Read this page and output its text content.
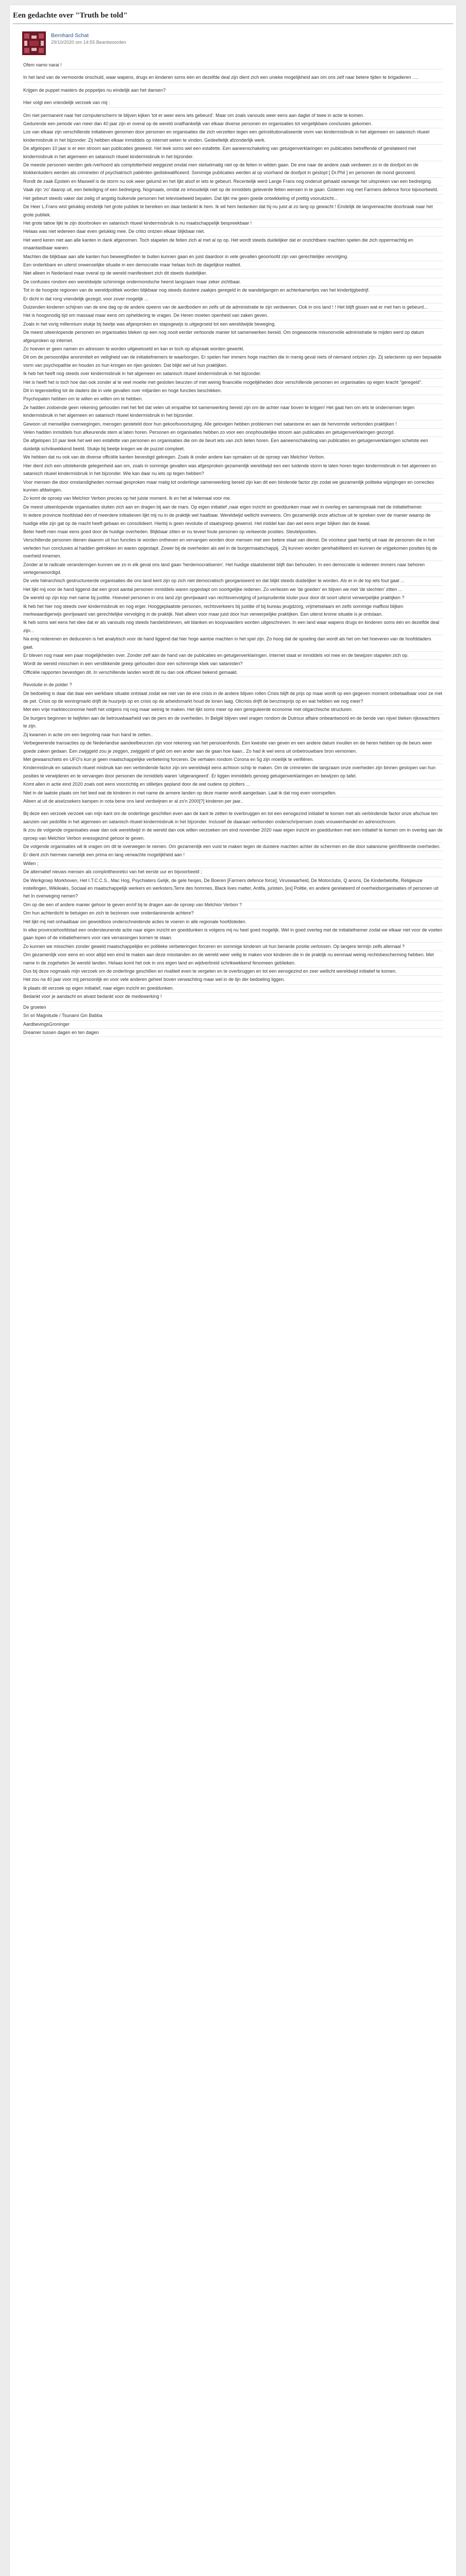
Een gedachte over "Truth be told"
Bernhard Schat
29/10/2020 om 14:55 Beantwoorden

Ofem namo narai !

In het land van de vermoorde onschuld, waar wapens, drugs en kinderen soms één en dezelfde deal zijn dient zich een unieke mogelijkheid aan om ons zelf naar betere tijden te brigadieren ….

Krijgen de puppet masters de poppetjes nu eindelijk aan het dansen?

Hier volgt een vriendelijk verzoek van mij :

Om niet permanent naar het computerscherm te blijven kijken 'tot er weer eens iets gebeurd'. Maar om zoals vanouds weer eens aan daglei of twee in actie te komen.

Gedurende een periode van meer dan 40 jaar zijn er overal op de wereld onafhankelijk van elkaar diverse personen en organisaties tot vergelijkbare conclusies gekomen.

Los van elkaar zijn verschillende initiatieven genomen door personen en organisaties die zich verzetten tegen een geïnstitutionaliseerde vorm van kindermisbruik in het algemeen en satanisch ritueel kindermisbruik in het bijzonder. Zij hebben elkaar inmiddels op internet weten te vinden. Gedeeltelijk afzonderlijk werk.

De afgelopen 10 jaar is er een stroom aan publicaties geweest. Het leek soms wel een estafette. Een aaneenschakeling van getuigenverklaringen en publicaties betreffende of gerelateerd met kindermisbruik in het algemeen en satanisch ritueel kindermisbruik in het bijzonder.

De meeste personen werden gek-/verhoord als complotterheid weggezet omdat men stelselmatig niet op de feiten in wilden gaan. De ene naar de andere zaak verdween zo in de doofpot en de klokkenluiders werden als criminelen of psychiatrisch patiënten gediskwalificeerd. Sommige publicaties werden al op voorhand de doofpot in gestopt [ Dr.Phil ] en personen de mond gesnoerd.

Rondt de zaak Epstein en Maxwell is de storm nu ook weer gelumd en het lijkt alsof er iets te gebeurt. Recentelijk werd Lange Frans nog onderuit gehaald vanwege het uitspreken van een bedreiging.

Vaak zijn 'zo' daarop uit, een beledigng of een bedreiging. Nogmaals, omdat ze inhoudelijk niet op de inmiddels geleverde feiten wensen in te gaan. Gisteren nog met Farmers defence force bijvoorbeeld.

Het gebeurt steeds vaker dat zielig of angstig bulkende personen het televisiebeeld bepalen. Dat lijkt me geen goede ontwikkeling of prettig vooruitzicht...

De Heer L.Frans wist gelukkig eindelijk het grote publiek te bereiken en daar bedankt ik hem. Ik wil hem bedanken dat hij nu juist al zo lang op gewacht ! Eindelijk de langverwachte doorbraak naar het grote publiek.

Het grote taboe lijkt te zijn doorbroken en satanisch ritueel kindermisbruik is nu maatschappelijk bespreekbaar !

Helaas was niet iedereen daar even gelukkig mee. De critici ontzien elkaar blijkbaar niet.

Het werd keren niet aan alle kanten in dank afgenomen. Toch stapelen de feiten zich al met al op op. Het wordt steeds duidelijker dat er onzichtbare machten spelen die zich oppermachtig en onaantastbaar wanen.

Machten die blijkbaar aan alle kanten hun beweegtheden te buiten kunnen gaan en juist daardoor in vele gevallen geoorloofd zijn van gerechtelijke vervolging.

Een onderkbare en uiterst onwenselijke situatie in een democratie maar helaas toch de dagelijkse realiteit.

Niet alleen in Nederland maar overal op de wereld manifesteert zich dit steeds duidelijker.

De confusies rondom een wereldwijde schimmige ondermondsche heerst langzaam maar zeker zichtbaar.

Tot in de hoogste regionen van de wereldpolitiek worden blijkbaar nog steeds duistere zaakjes geregeld in de wandelgangen en achterkamertjes van het kindertijgbedrijf.

Er dicht in dat rong vriendelijk gezegd, voor zover mogelijk ...

Duizenden kinderen schijnen van de ene dag op de andere opeens van de aardbodem en zelfs uit de administratie te zijn verdwenen. Ook in ons land ! ! Het blijft gissen wat er met hen is gebeurd...

Het is hoogsnodig tijd om massaal maar eens om opheldering te vragen. De Heren moeten openheid van zaken geven.

Zoals in het vorig millennium stukje bij beetje was afgesproken en stapsgewijs is uitgegroeid tot een wereldwijde beweging.

De meest uiteenlopende personen en organisaties bleken op een nog nooit eerder vertoonde manier tot samenwerken bereid. Om ongewoonte misvoorvolle administratie te mijden werd op datum afgesproken op internet.

Zo hoeven er geen namen en adressen te worden uitgewisseld en kan er toch op afspraak worden gewerkt.

Dit om de persoonlijke anonimiteit en veiligheid van de initiatiefnemers te waarborgen. Er spelen hier immers hoge machten die in menig geval niets of niemand ontzien zijn. Zij selecteren op een bepaalde vorm van psychopathie en houden zo hun kringen en rijen gesloten. Dat blijkt wel uit hun praktijken.

Ik heb het heeft nog steeds over kindermisbruik in het algemeen en satanisch ritueel kindermisbruik in het bijzonder.

Het is heeft het is toch hoe dan ook zonder al te veel moeite met gesloten beurzen of met weinig financiële mogelijkheden door verschillende personen en organisaties op eigen kracht "geregeld".

Dit in tegenstelling tot de daders die in vele gevallen over miljarden en hoge functies beschikken.

Psychopaten hebben om te willen en willen om te hebben.

Ze hadden zodoende geen rekening gehouden met het feit dat velen uit empathie tot samenwerking bereid zijn om de achter naar boven te krijgen! Het gaat hen om iets te ondernemen tegen kindermisbruik in het algemeen en satanisch ritueel kindermisbruik in het bijzonder.

Gewoon uit menselijke overwegingen, mensgen gesteteld door hun gekoofsvoortuiging. Alle gelovigen hebben problemen met satanisme en aan de hervormde verbonden praktijken !

Velen hadden inmiddels hun afkeurende stem al laten horen. Personen en organisaties hebben zo voor een onophoudelijke stroom aan publicaties en getuigenverklaringen gezorgd.

De afgelopen 10 jaar leek het wel een estafette van personen en organisaties die om de beurt iets van zich lieten horen. Een aaneenschakeling van publicaties en getuigenverklaringen schetste een duidelijk schrikwekkend beeld. Stukje bij beetje kregen we de puzzel compleet.

We hebben dat nu ook van de diverse officiële kanten bevestigd gekregen. Zoals ik onder andere kan opmaken uit de oproep van Melchior Verbon.

Hier dient zich een uitstekende gelegenheid aan om, zoals in sommige gevallen was afgesproken gezamenlijk wereldwijd een een luidende storm te laten horen tegen kindermisbruik in het algemeen en satanisch ritueel kindermisbruik in het bijzonder. Wie kan daar nu iets op tegen hebben?

Voor mensen die door omstandigheden normaal gesproken maar matig tot onderlinge samenwerking bereid zijn kan dit een bindende factor zijn zodat we gezamenlijk politieke wijzigingen en correcties kunnen afdwingen.

Zo komt de oproep van Melchior Verbon precies op het juiste moment. Ik en het al helemaal voor me.

De meest uiteenlopende organisaties sluiten zich aan en dragen bij aan de mars. Op eigen initiatief ,naar eigen inzicht en goeddunken maar wel in overleg en samenspraak met de initiatiefnemer.

In iedere provincie hoofdstad één of meerdere initiatieven lijkt mij nu in de praktijk wel haalbaar. Wereldwijd wellicht eveneens. Om gezamenlijk onze afschuw uit te spreken over de manier waarop de huidige elite zijn gat op de macht heeft gebaan en consolideert. Hierbij is geen revolutie of staatsgreep gewenst. Het middel kan dan wel eens erger blijken dan de kwaal.

Beter heeft men maar eens goed door de huidige overheden. Blijkbaar zitten er nu teveel foute personen op verkeerde posities. Sleutelposities.

Verschillende personen dienen daarom uit hun functies te worden ontheven en vervangen worden door mensen met een betere staat van dienst. De voorkeur gaat hierbij uit naar de personen die in het verleden hun conclusies al hadden getrokken en waren opgestapt. Zower bij de overheden als wel in de burgermaatschappij. ;Zij kunnen worden gerehabiliteerd en kunnen de vrijgekomen posities bij de overheid innemen.

Zonder al te radicale veranderingen kunnen we zo in elk geval ons land gaan 'herdemocratiseren'. Het huidige staatsbestel blijft dan behouden. In een democratie is iedereen immers naar behoren vertegenwoordigd.

De vele hiërarchisch gestructureerde organisaties die ons land kent zijn op zich niet democratisch georganiseerd en dat blijkt steeds duidelijker te worden. Als er in de top iets fout gaat ...

Het lijkt mij voor de hand liggend dat een groot aantal personen inmiddels waren opgestapt om soortgelijke redenen. Zo verliezen we 'de goeden' en blijven we met 'de slechten' zitten ...

De wereld op zijn kop met name bij justitie. Hoeveel personen in ons land zijn gevrijwaard van rechtsvervolging of jurisprudentie louter puur door dit soort uiterst verwerpelijke praktijken ?

Ik heb het hier nog steeds over kindermisbruik en nog erger. Hooggeplaatste personen, rechtsverkeers bij justitie of bij bureau jeugdzorg, vrijmetselaars en zelfs sommige maffiosi blijken merkwaardigerwijs gevrijwaard van gerechtelijke vervolging in de praktijk. Niet alleen voor maar juist door hun verwerpelijke praktijken. Een uiterst krome situatie is je ontstaan.

Ik heb soms wel eens het idee dat er als vanouds nog steeds handelsbrieven, wit blanken en koopvaarders worden uitgeschreven. In een land waar wapens drugs en kinderen soms één en dezelfde deal zijn...

Na enig rederenen en deduceren is het analytisch voor de hand liggend dat hier hoge aantoe machten in het spel zijn. Zo hoog dat de spoeling dan wordt als het om het hoeveren van de hoofddaders gaat.

Er bleven nog maar een paar mogelijkheden over. Zonder zelf aan de hand van de publicaties en getuigenverklaringen. Internet staat er inmiddels vol mee en de bewijzen stapelen zich op.

Wordt de wereld misschien in een verstikkende greep gehouden door een schimmige kliek van satanisten?

Officiële rapporten bevestigen dit. In verschillende landen wordt dit nu dan ook officieel bekend gemaakt.

Revolutie in de polder ?

De bedoeling is daar dat daar een werkbare situatie ontstaat zodat we niet van de ene crisis in de andere blijven rollen Crisis blijft de prijs op maar wordt op een gegeven moment onbetaalbaar voor ze met de pet. Crisis op de woningmarkt drijft de huurprijs op en crisis op de arbeidsmarkt houd de lonen laag. Olicrisis drijft de benzineprijs op en wat hebben we nog meer?

Met een vrije marktecconomie heeft het volgens mij nog maar weinig te maken. Het lijkt soms meer op een gereguleerde economie met oligarchische structuren.

De burgers beginnen te twijfelen aan de betrouwbaarheid van de pers en de overheden. In België blijven veel vragen rondom de Dutroux affaire onbeantwoord en de bende van nijvel bleken rijkswachters te zijn.

Zij kwamen in actie om een begroting naar hun hand te zetten..

Verbegeerende transacties op de Nederlandse aandeelbeurzen zijn voor rekening van het pensioenfonds. Een kwestie van geven en een andere datum invullen en de heren hebben op de beurs weer goede zaken gedaan. Een zwijggeld zou je zeggen, zwijggeld of geld om een ander aan de gaan hoe kaan.. Zo had ik wel eens uit onbetrouwbare bron vernomen.

Met gewaarschiets en UFO's kun je geen maatschappelijke verbetering forceren. De verhalen rondom Corona en 5g zijn moeilijk te verifiëren.

Kindermisbruik en satanisch ritueel misbruik kan een verbindende factor zijn om wereldwijd eens achtoon schip te maken. Om de criminelen die langzaam onze overheden zijn binnen geslopen van hun posities te verwijderen en te vervangen door personen die inmiddels waren 'uitgerangeerd'. Er liggen immiddels genoeg getuigenverklaringen en bewijzen op tafel.

Komt allen in actie eind 2020 zoals ooit eens voorzichtig en stilletjes gepland door de wat oudere op plotters ...

Niet in de laatste plaats om het leed wat de kinderen in met name de armere landen op deze manier wordt aangedaan. Laat ik dat nog even voorspellen.

Alleen al uit de aiselzoekers kampen in nota bene ons land verdwijnen er al zo'n 2000[?] kinderen per jaar..

Bij deze een verzoek verzoek van mijn kant om de onderlinge geschillen even aan de kant te zetten te overbruggen en tot een eensgezind initiatief te komen met als verbindende factor onze afschuw ten aanzien van pedofilie in het algemeen en satanisch ritueel kindermisbruik in het bijzonder. Inclusief de daaraan verbonden onderschrijvensen zoals vrouwenhandel en adrenochroom.

Ik zou de volgende organisaties waar dan ook wereldwijd in de wereld dan ook willen verzoeken om eind november 2020 naar eigen inzicht en goeddunken met een initiatief te komen om in overleg aan de oproep van Melchior Verbon enessgezind gehoor te geven.

De volgende organisaties wil ik vragen om dit te overwegen te nemen. Om gezamenlijk een vuist te maken tegen de duistere machten achter de schermen en die door satanisme geïnfiltreerde overheden.

Er dient zich hiermee namelijk een prima en lang verwachte mogelijkheid aan !

Willen ;

De alternatief nieuws mensen als complottheoretici van het eerste uur en bijvoorbeeld ;

De Werkgroep Morkhoven, Het I.T.C.C.S., Mac Hog, Psychiaters Gelijk, de gele hesjes, De Boeren [Farmers defence force], Viruswaarheid, De Motorclubs, Q anons, De Kinderbelofte, Religieuze instellingen, Wikileaks, Sociaal en maatschappelijk werkers en werksters,Terre des hommes, Black lives matter, Antifa, juristen, [ex] Politie, en andere gerelateerd of overheidsorganisaties of personen uit het In overweging nemen?

Om op die een of andere manier gehoor te geven en/of bij te dragen aan de oproep van Melchior Verbon ?

Om hun achterdicht te betuigen en zich te bezinnen over onderdaninende achtere?

Het lijkt mij niet onhaalbaar om gewoldloos onderschneidende acties te voeren in alle regionale hoofdsteden.

In elke provinciehoofdstad een ondersteunende actie naar eigen inzicht en goeddunken is volgens mij nu heel goed mogelijk. Wel in goed overleg met de initiatiefnemer zodat we elkaar niet voor de voeten gaan lopen of de initiatiefnemers voor rare verrassingen komen te staan.

Zo kunnen we misschien zonder geweld maatschappelijke en politieke verbeteringen forceren en sommige kinderen uit hun benarde positie verlossen. Op langere termijn zelfs allemaal ?

Om gezamenlijk voor eens en voor altijd een eind te maken aan deze misstanden en de wereld weer veilig te maken voor kinderen die in de praktijk nu eenmaal weinig rechtsbescherming hebben. Met name in de zogeheten 3e wereld landen. Helaas komt het ook in ons eigen land en wijdverbreid schrikwekkend fenomeen geblieken.

Dus bij deze nogmaals mijn verzoek om de onderlinge geschillen en rivaliteit even te vergeten en te overbruggen en tot een eensgezind en zeer wellicht wereldwijd initiatief te komen.

Het zou na 40 jaar voor mij persoonlijk en voor vele anderen geheel boven verwachting maar wel in de lijn der bedoeling liggen.

Ik plaats dit verzoek op eigen initiatief, naar eigen inzicht en goeddunken.

Bedankt voor je aandacht en alvast bedankt voor de medewerking !

De groeten
Sri sri Magnitude / Tsunami Gin Babba
AardbevingsGroninger
Dreamer tussen dagen en ten dagen
